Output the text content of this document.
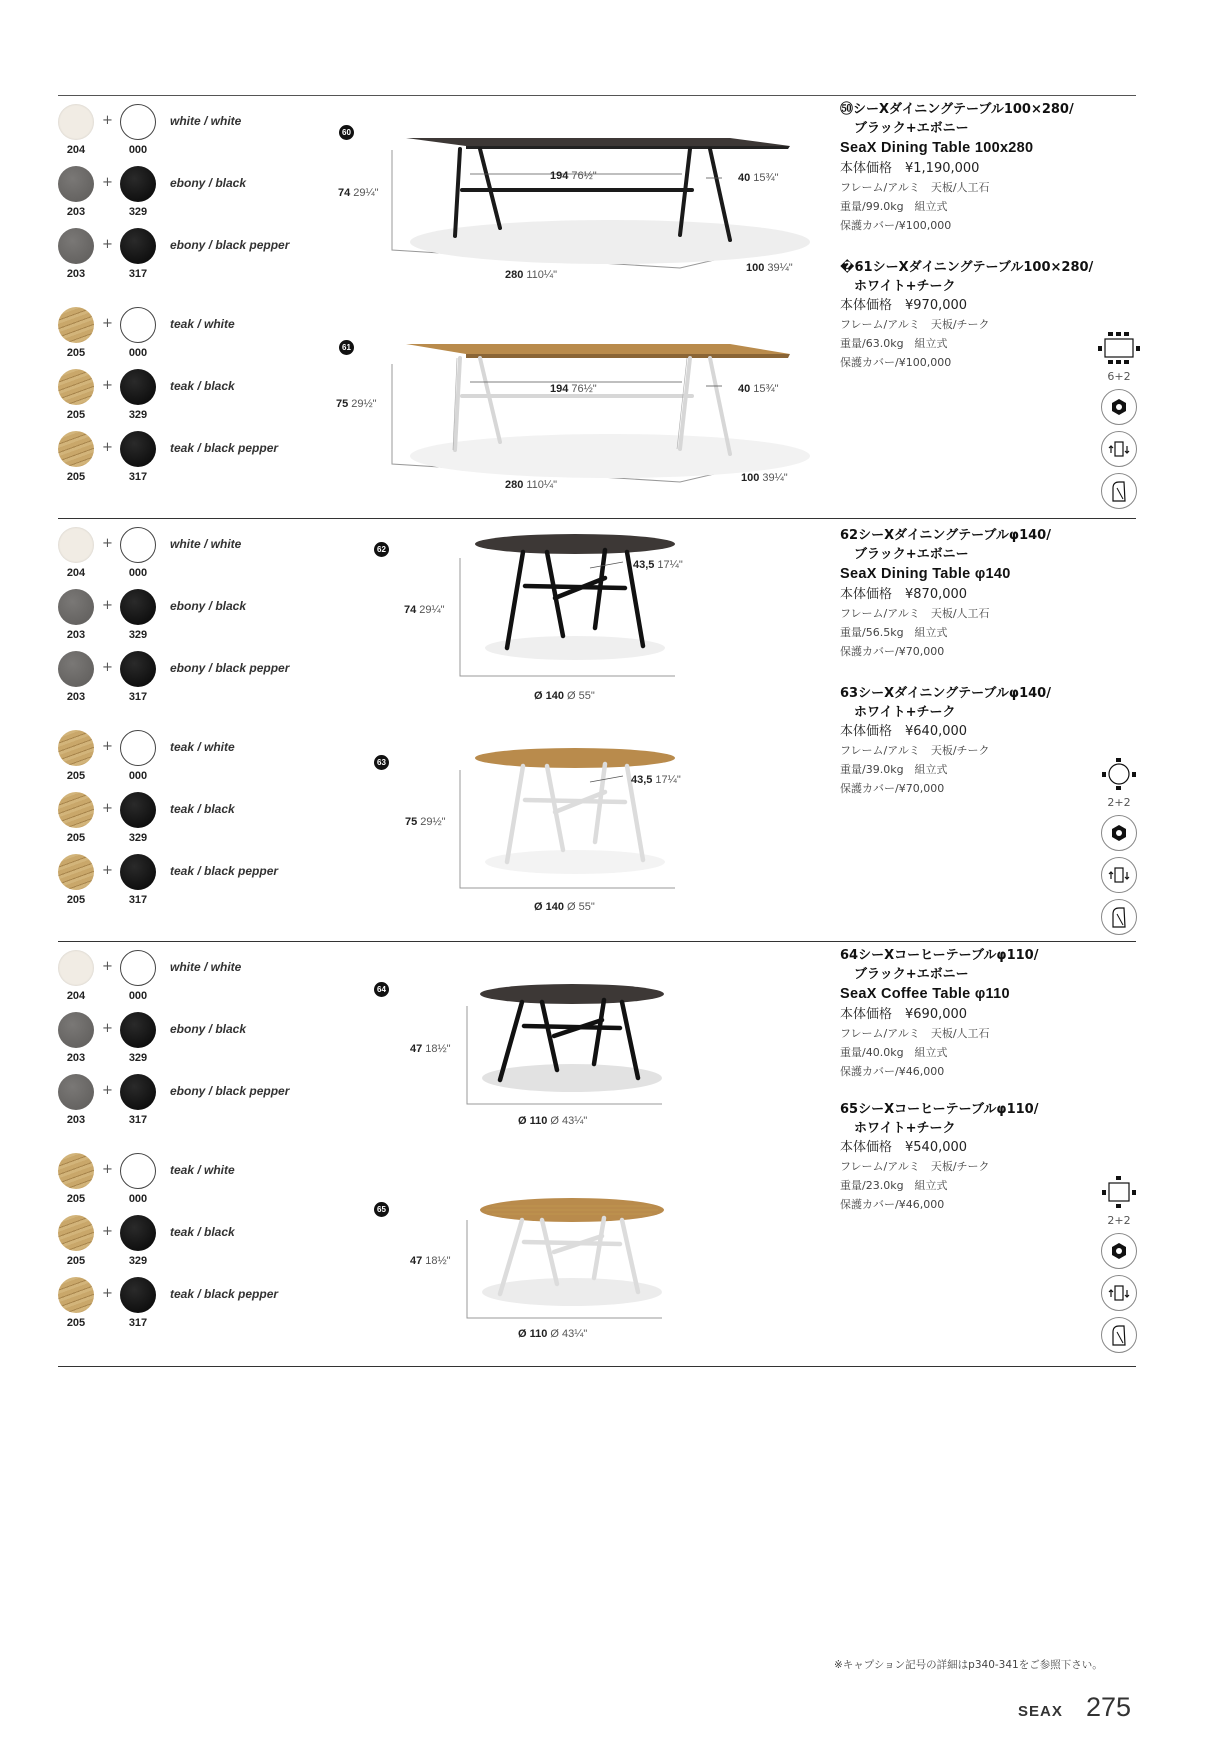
+	white / white
204	000
+	ebony / black
203	329
+	ebony / black pepper
203	317
+	teak / white
205	000
+	teak / black
205	329
+	teak / black pepper
205	317
60
74 29¼"
194 76½"	40 15¾"
280 110¼"
100 39¼"
61
75 29½"
194 76½"	40 15¾"
280 110¼"
100 39¼"
㊿シーXダイニングテーブル100×280/
ブラック+エボニー
SeaX Dining Table 100x280
本体価格　¥1,190,000
フレーム/アルミ　天板/人工石
重量/99.0kg　組立式
保護カバー/¥100,000
�61シーXダイニングテーブル100×280/
ホワイト+チーク
本体価格　¥970,000
フレーム/アルミ　天板/チーク
重量/63.0kg　組立式
保護カバー/¥100,000
6+2
+	white / white
204	000
+	ebony / black
203	329
+	ebony / black pepper
203	317
+	teak / white
205	000
+	teak / black
205	329
+	teak / black pepper
205	317
62
74 29¼"
43,5 17¼"
Ø 140 Ø 55"
63
75 29½"
43,5 17¼"
Ø 140 Ø 55"
62シーXダイニングテーブルφ140/
ブラック+エボニー
SeaX Dining Table φ140
本体価格　¥870,000
フレーム/アルミ　天板/人工石
重量/56.5kg　組立式
保護カバー/¥70,000
63シーXダイニングテーブルφ140/
ホワイト+チーク
本体価格　¥640,000
フレーム/アルミ　天板/チーク
重量/39.0kg　組立式
保護カバー/¥70,000
2+2
+	white / white
204	000
+	ebony / black
203	329
+	ebony / black pepper
203	317
+	teak / white
205	000
+	teak / black
205	329
+	teak / black pepper
205	317
64
47 18½"
Ø 110 Ø 43¼"
65
47 18½"
Ø 110 Ø 43¼"
64シーXコーヒーテーブルφ110/
ブラック+エボニー
SeaX Coffee Table φ110
本体価格　¥690,000
フレーム/アルミ　天板/人工石
重量/40.0kg　組立式
保護カバー/¥46,000
65シーXコーヒーテーブルφ110/
ホワイト+チーク
本体価格　¥540,000
フレーム/アルミ　天板/チーク
重量/23.0kg　組立式
保護カバー/¥46,000
2+2
※キャプション記号の詳細はp340-341をご参照下さい。
SEAX 275
